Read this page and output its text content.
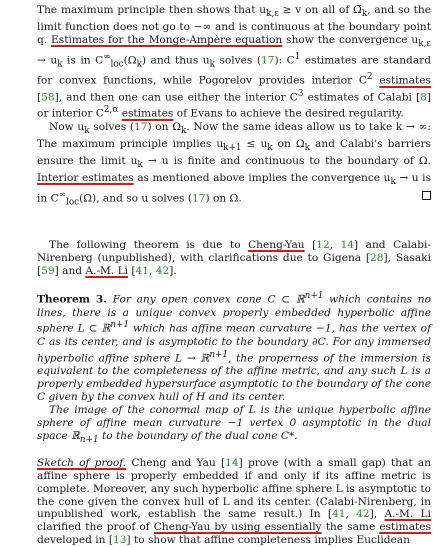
The maximum principle then shows that $u_{k,\varepsilon} \ge v$ on all of $\Omegā_k$, and so the limit function does not go to −∞ and is continuous at the boundary point q. Estimates for the Monge-Ampère equation show the convergence $u_{k,\varepsilon} \to u_k$ is in $C^\infty_{loc}(\Omega_k)$ and thus $u_k$ solves (17): $C^1$ estimates are standard for convex functions, while Pogorelov provides interior $C^2$ estimates [58], and then one can use either the interior $C^3$ estimates of Calabi [8] or interior $C^{2,\alpha}$ estimates of Evans to achieve the desired regularity.

Now $u_k$ solves (17) on $\Omega_k$. Now the same ideas allow us to take k → ∞: The maximum principle implies $u_{k+1} \le u_k$ on $\Omega_k$ and Calabi's barriers ensure the limit $u_k \to u$ is finite and continuous to the boundary of Ω. Interior estimates as mentioned above implies the convergence $u_k \to u$ is in $C^\infty_{loc}(\Omega)$, and so u solves (17) on Ω.

The following theorem is due to Cheng-Yau [12, 14] and Calabi-Nirenberg (unpublished), with clarifications due to Gigena [28], Sasaki [59] and A.-M. Li [41, 42].

Theorem 3. For any open convex cone C ⊂ ℝ$^{n+1}$ which contains no lines, there is a unique convex properly embedded hyperbolic affine sphere L ⊂ ℝ$^{n+1}$ which has affine mean curvature −1, has the vertex of C as its center, and is asymptotic to the boundary ∂C. For any immersed hyperbolic affine sphere L → ℝ$^{n+1}$, the properness of the immersion is equivalent to the completeness of the affine metric, and any such L is a properly embedded hypersurface asymptotic to the boundary of the cone C given by the convex hull of H and its center.

The image of the conormal map of L is the unique hyperbolic affine sphere of affine mean curvature −1 vertex 0 asymptotic in the dual space ℝ$_{n+1}$ to the boundary of the dual cone C*.

Sketch of proof. Cheng and Yau [14] prove (with a small gap) that an affine sphere is properly embedded if and only if its affine metric is complete. Moreover, any such hyperbolic affine sphere L is asymptotic to the cone given the convex hull of L and its center. (Calabi-Nirenberg, in unpublished work, establish the same result.) In [41, 42], A.-M. Li clarified the proof of Cheng-Yau by using essentially the same estimates developed in [13] to show that affine completeness implies Euclidean
